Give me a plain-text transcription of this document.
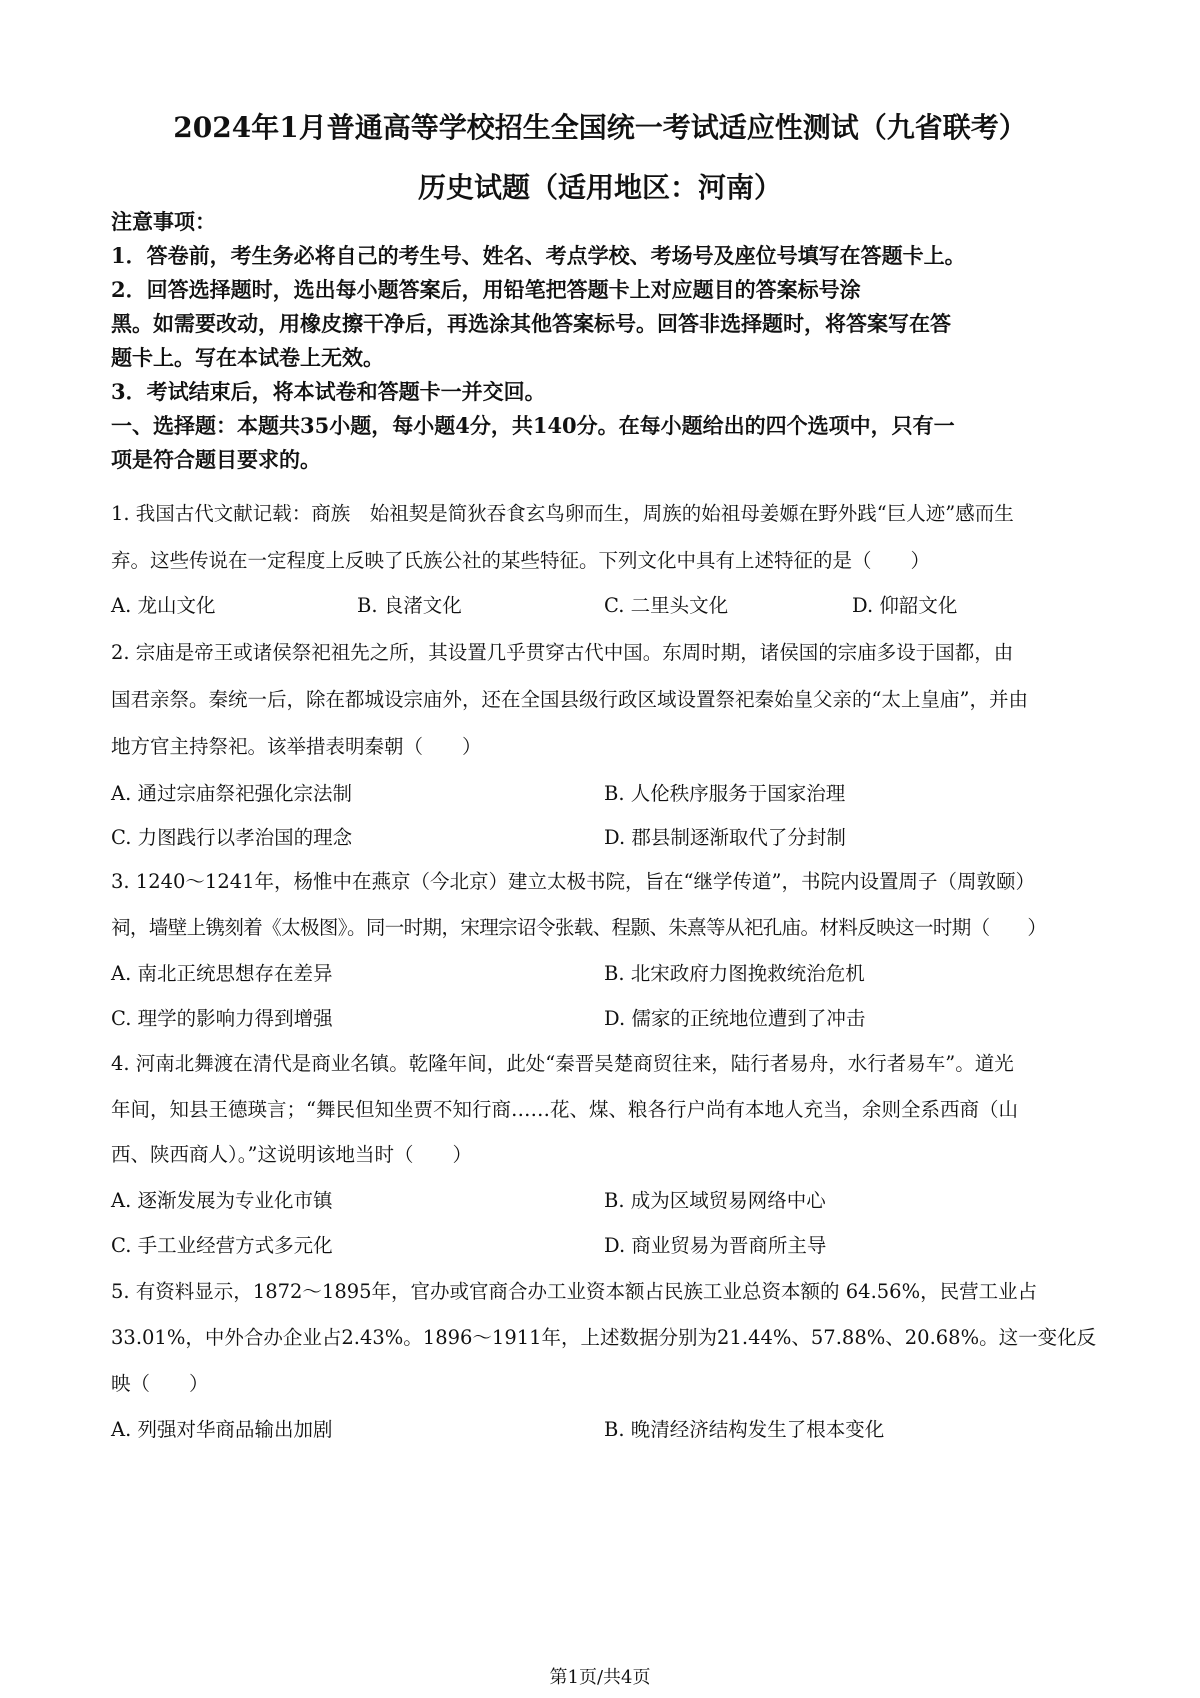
2024年1月普通高等学校招生全国统一考试适应性测试（九省联考）
历史试题（适用地区：河南）
注意事项：
1．答卷前，考生务必将自己的考生号、姓名、考点学校、考场号及座位号填写在答题卡上。
2．回答选择题时，选出每小题答案后，用铅笔把答题卡上对应题目的答案标号涂
黑。如需要改动，用橡皮擦干净后，再选涂其他答案标号。回答非选择题时，将答案写在答
题卡上。写在本试卷上无效。
3．考试结束后，将本试卷和答题卡一并交回。
一、选择题：本题共35小题，每小题4分，共140分。在每小题给出的四个选项中，只有一
项是符合题目要求的。
1. 我国古代文献记载：商族　始祖契是简狄吞食玄鸟卵而生，周族的始祖母姜嫄在野外践“巨人迹”感而生
弃。这些传说在一定程度上反映了氏族公社的某些特征。下列文化中具有上述特征的是（　　）
A. 龙山文化	B. 良渚文化	C. 二里头文化	D. 仰韶文化
2. 宗庙是帝王或诸侯祭祀祖先之所，其设置几乎贯穿古代中国。东周时期，诸侯国的宗庙多设于国都，由
国君亲祭。秦统一后，除在都城设宗庙外，还在全国县级行政区域设置祭祀秦始皇父亲的“太上皇庙”，并由
地方官主持祭祀。该举措表明秦朝（　　）
A. 通过宗庙祭祀强化宗法制	B. 人伦秩序服务于国家治理
C. 力图践行以孝治国的理念	D. 郡县制逐渐取代了分封制
3. 1240～1241年，杨惟中在燕京（今北京）建立太极书院，旨在“继学传道”，书院内设置周子（周敦颐）
祠，墙壁上镌刻着《太极图》。同一时期，宋理宗诏令张载、程颢、朱熹等从祀孔庙。材料反映这一时期（　　）
A. 南北正统思想存在差异	B. 北宋政府力图挽救统治危机
C. 理学的影响力得到增强	D. 儒家的正统地位遭到了冲击
4. 河南北舞渡在清代是商业名镇。乾隆年间，此处“秦晋吴楚商贸往来，陆行者易舟，水行者易车”。道光
年间，知县王德瑛言；“舞民但知坐贾不知行商……花、煤、粮各行户尚有本地人充当，余则全系西商（山
西、陕西商人）。”这说明该地当时（　　）
A. 逐渐发展为专业化市镇	B. 成为区域贸易网络中心
C. 手工业经营方式多元化	D. 商业贸易为晋商所主导
5. 有资料显示，1872～1895年，官办或官商合办工业资本额占民族工业总资本额的 64.56%，民营工业占
33.01%，中外合办企业占2.43%。1896～1911年，上述数据分别为21.44%、57.88%、20.68%。这一变化反
映（　　）
A. 列强对华商品输出加剧	B. 晚清经济结构发生了根本变化
第1页/共4页
